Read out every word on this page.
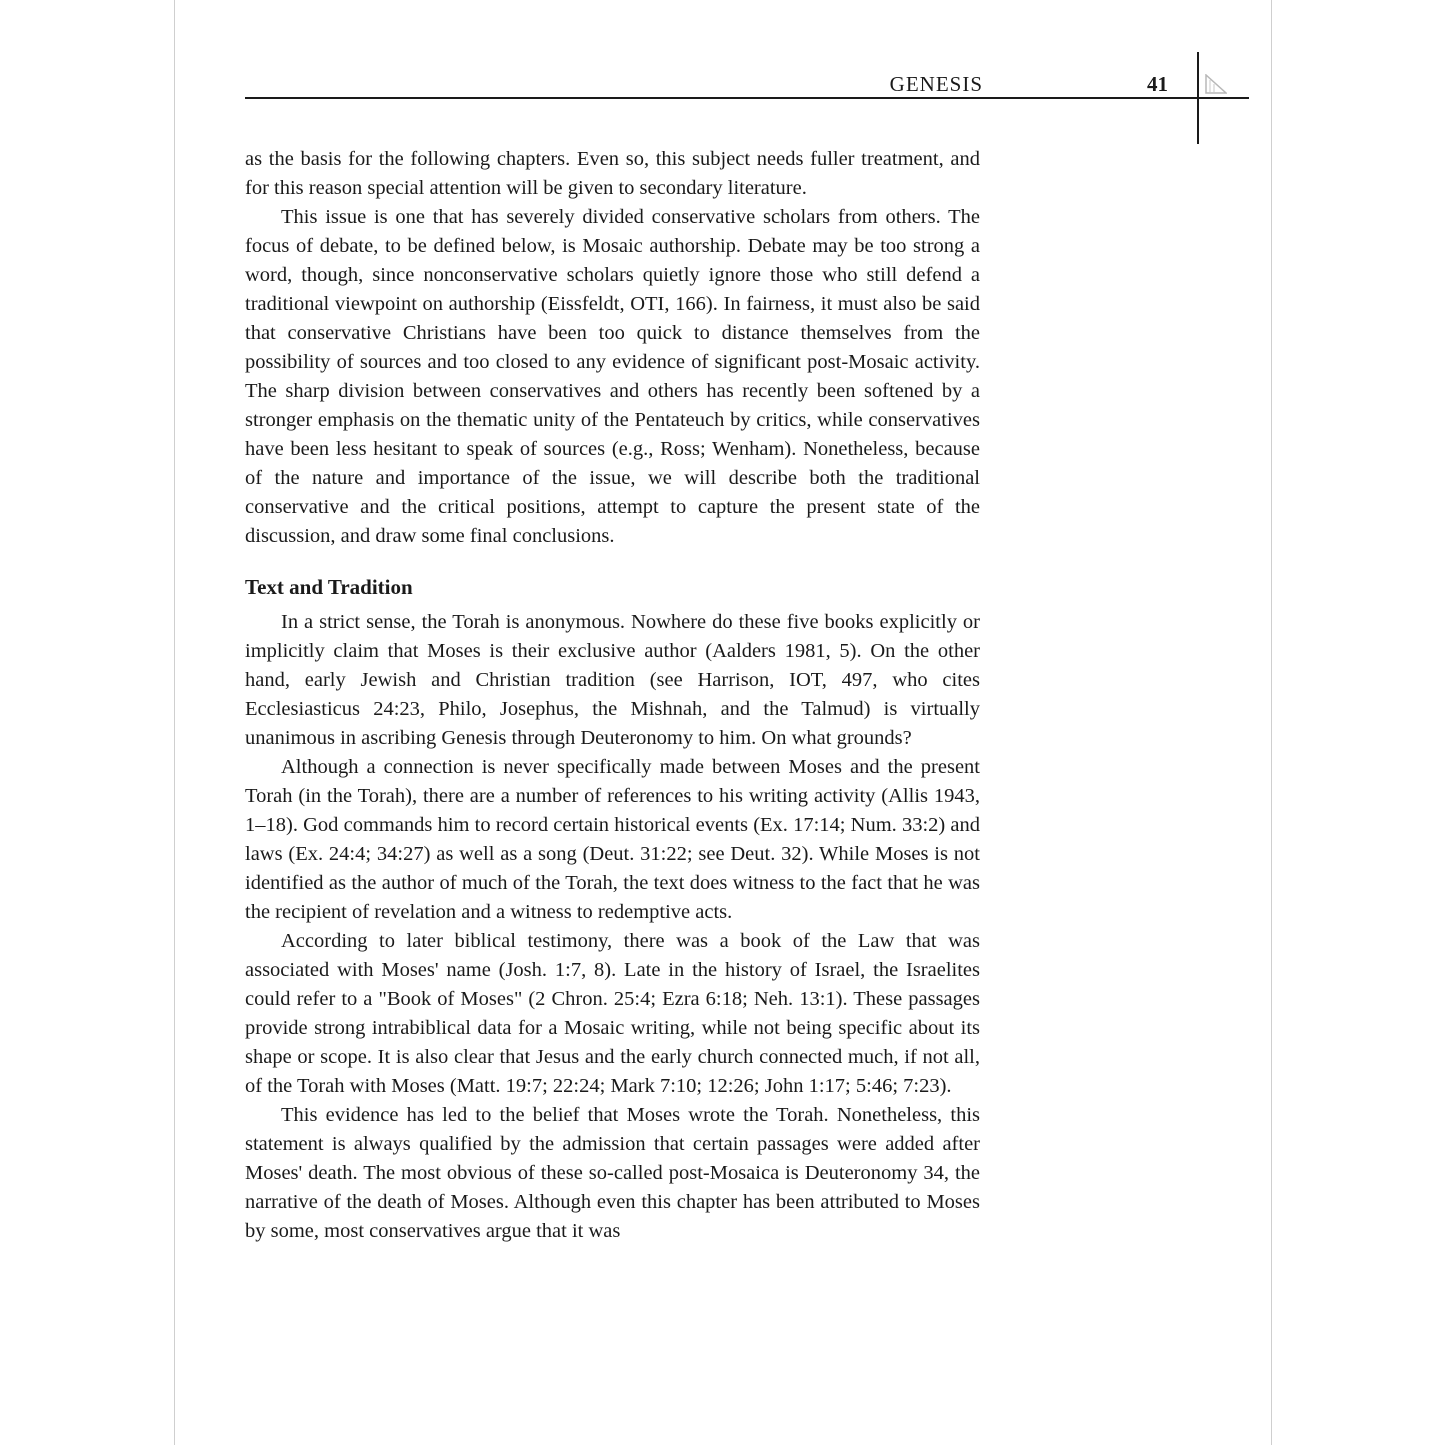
GENESIS	41

as the basis for the following chapters. Even so, this subject needs fuller treatment, and for this reason special attention will be given to secondary literature.

This issue is one that has severely divided conservative scholars from others. The focus of debate, to be defined below, is Mosaic authorship. Debate may be too strong a word, though, since nonconservative scholars quietly ignore those who still defend a traditional viewpoint on authorship (Eissfeldt, OTI, 166). In fairness, it must also be said that conservative Christians have been too quick to distance themselves from the possibility of sources and too closed to any evidence of significant post-Mosaic activity. The sharp division between conservatives and others has recently been softened by a stronger emphasis on the thematic unity of the Pentateuch by critics, while conservatives have been less hesitant to speak of sources (e.g., Ross; Wenham). Nonetheless, because of the nature and importance of the issue, we will describe both the traditional conservative and the critical positions, attempt to capture the present state of the discussion, and draw some final conclusions.

Text and Tradition

In a strict sense, the Torah is anonymous. Nowhere do these five books explicitly or implicitly claim that Moses is their exclusive author (Aalders 1981, 5). On the other hand, early Jewish and Christian tradition (see Harrison, IOT, 497, who cites Ecclesiasticus 24:23, Philo, Josephus, the Mishnah, and the Talmud) is virtually unanimous in ascribing Genesis through Deuteronomy to him. On what grounds?

Although a connection is never specifically made between Moses and the present Torah (in the Torah), there are a number of references to his writing activity (Allis 1943, 1–18). God commands him to record certain historical events (Ex. 17:14; Num. 33:2) and laws (Ex. 24:4; 34:27) as well as a song (Deut. 31:22; see Deut. 32). While Moses is not identified as the author of much of the Torah, the text does witness to the fact that he was the recipient of revelation and a witness to redemptive acts.

According to later biblical testimony, there was a book of the Law that was associated with Moses' name (Josh. 1:7, 8). Late in the history of Israel, the Israelites could refer to a "Book of Moses" (2 Chron. 25:4; Ezra 6:18; Neh. 13:1). These passages provide strong intrabiblical data for a Mosaic writing, while not being specific about its shape or scope. It is also clear that Jesus and the early church connected much, if not all, of the Torah with Moses (Matt. 19:7; 22:24; Mark 7:10; 12:26; John 1:17; 5:46; 7:23).

This evidence has led to the belief that Moses wrote the Torah. Nonetheless, this statement is always qualified by the admission that certain passages were added after Moses' death. The most obvious of these so-called post-Mosaica is Deuteronomy 34, the narrative of the death of Moses. Although even this chapter has been attributed to Moses by some, most conservatives argue that it was
